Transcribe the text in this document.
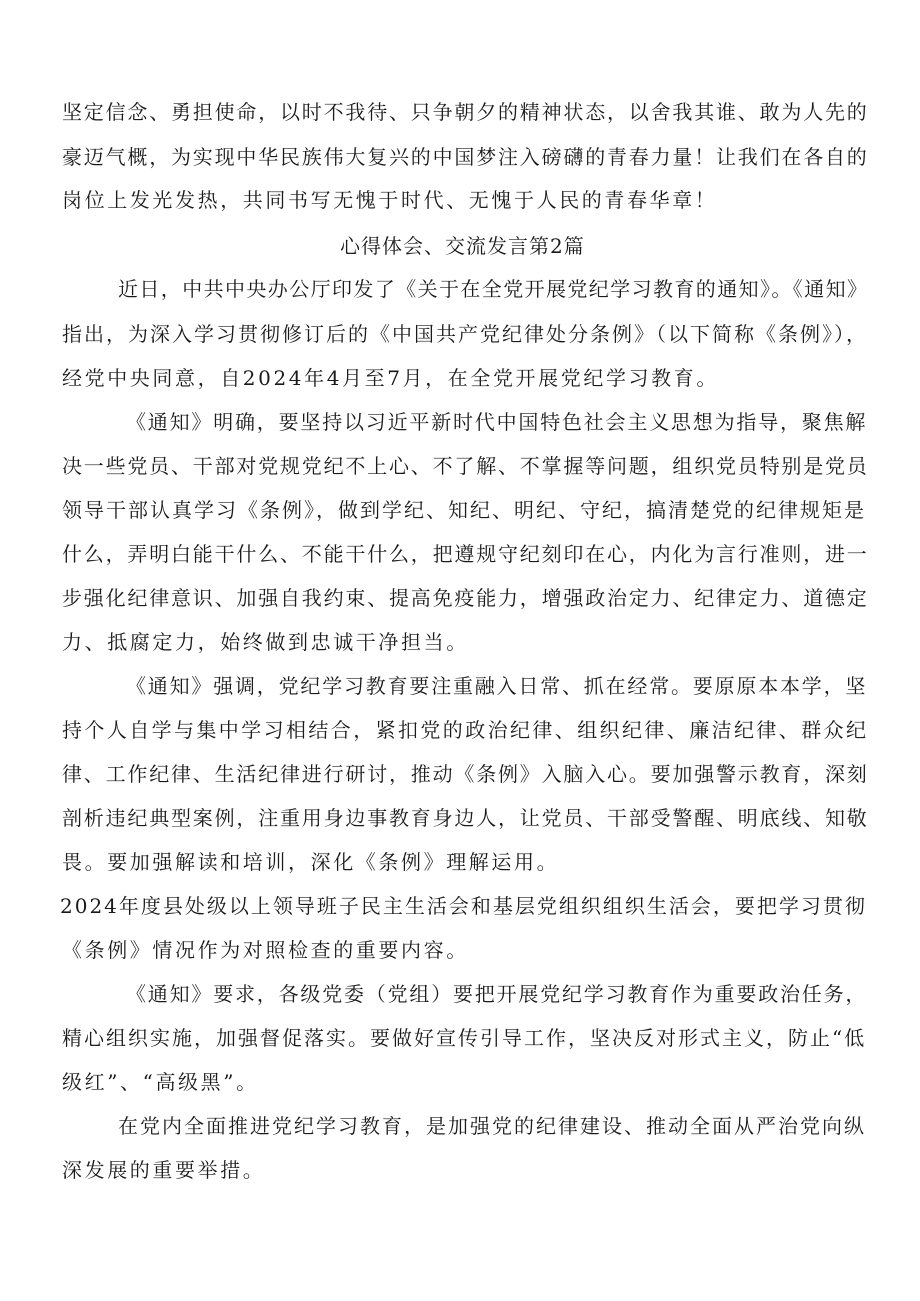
坚定信念、勇担使命，以时不我待、只争朝夕的精神状态，以舍我其谁、敢为人先的
豪迈气概，为实现中华民族伟大复兴的中国梦注入磅礴的青春力量！让我们在各自的
岗位上发光发热，共同书写无愧于时代、无愧于人民的青春华章！
心得体会、交流发言第2篇
近日，中共中央办公厅印发了《关于在全党开展党纪学习教育的通知》。《通知》
指出，为深入学习贯彻修订后的《中国共产党纪律处分条例》（以下简称《条例》），
经党中央同意，自2024年4月至7月，在全党开展党纪学习教育。
《通知》明确，要坚持以习近平新时代中国特色社会主义思想为指导，聚焦解
决一些党员、干部对党规党纪不上心、不了解、不掌握等问题，组织党员特别是党员
领导干部认真学习《条例》，做到学纪、知纪、明纪、守纪，搞清楚党的纪律规矩是
什么，弄明白能干什么、不能干什么，把遵规守纪刻印在心，内化为言行准则，进一
步强化纪律意识、加强自我约束、提高免疫能力，增强政治定力、纪律定力、道德定
力、抵腐定力，始终做到忠诚干净担当。
《通知》强调，党纪学习教育要注重融入日常、抓在经常。要原原本本学，坚
持个人自学与集中学习相结合，紧扣党的政治纪律、组织纪律、廉洁纪律、群众纪
律、工作纪律、生活纪律进行研讨，推动《条例》入脑入心。要加强警示教育，深刻
剖析违纪典型案例，注重用身边事教育身边人，让党员、干部受警醒、明底线、知敬
畏。要加强解读和培训，深化《条例》理解运用。
2024年度县处级以上领导班子民主生活会和基层党组织组织生活会，要把学习贯彻
《条例》情况作为对照检查的重要内容。
《通知》要求，各级党委（党组）要把开展党纪学习教育作为重要政治任务，
精心组织实施，加强督促落实。要做好宣传引导工作，坚决反对形式主义，防止“低
级红”、“高级黑”。
在党内全面推进党纪学习教育，是加强党的纪律建设、推动全面从严治党向纵
深发展的重要举措。
